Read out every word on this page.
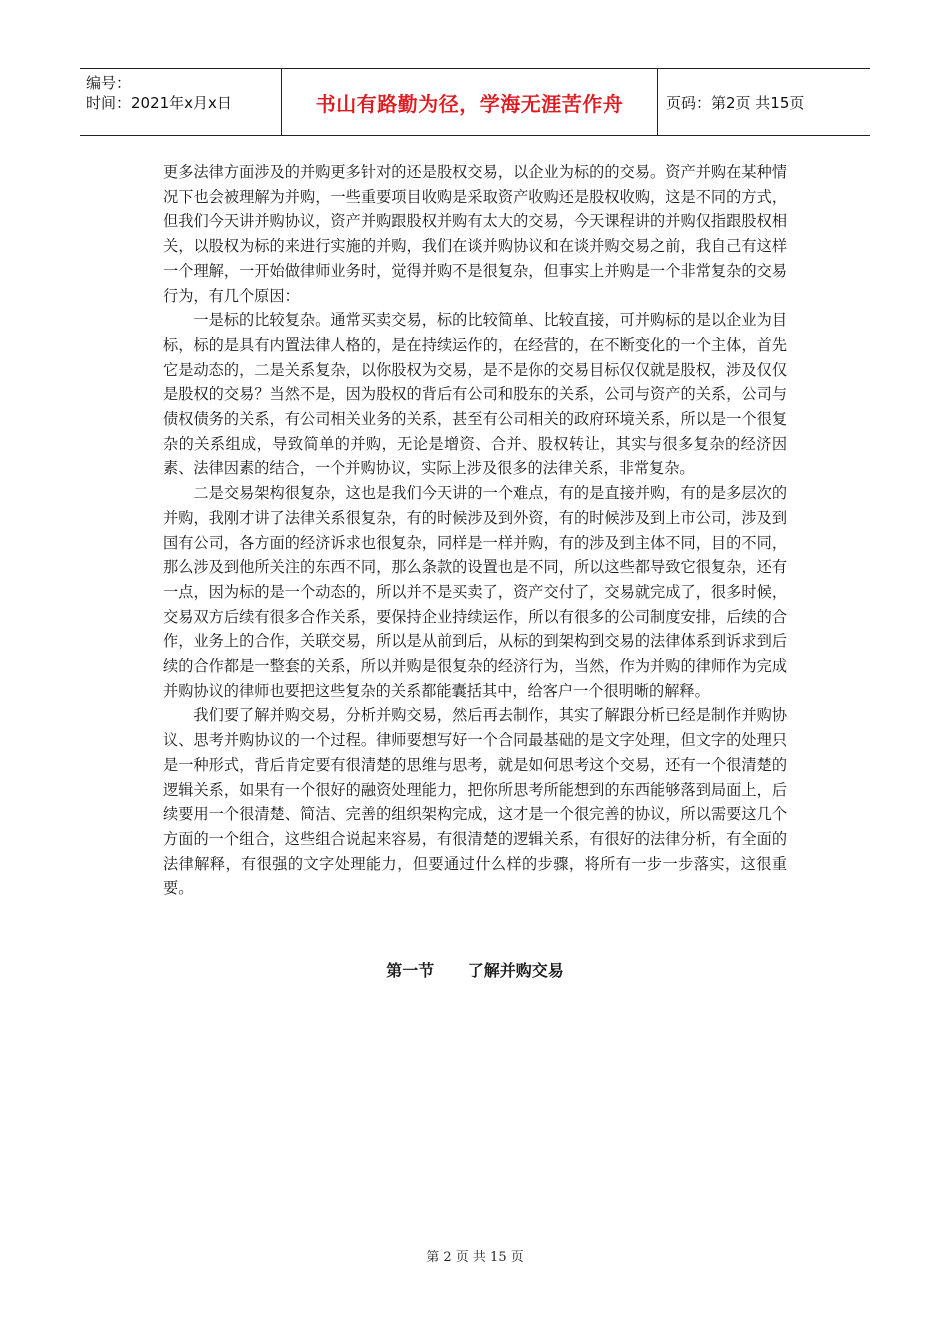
编号：
时间：2021年x月x日	书山有路勤为径，学海无涯苦作舟	页码：第2页 共15页

更多法律方面涉及的并购更多针对的还是股权交易，以企业为标的的交易。资产并购在某种情况下也会被理解为并购，一些重要项目收购是采取资产收购还是股权收购，这是不同的方式，但我们今天讲并购协议，资产并购跟股权并购有太大的交易，今天课程讲的并购仅指跟股权相关，以股权为标的来进行实施的并购，我们在谈并购协议和在谈并购交易之前，我自己有这样一个理解，一开始做律师业务时，觉得并购不是很复杂，但事实上并购是一个非常复杂的交易行为，有几个原因：

一是标的比较复杂。通常买卖交易，标的比较简单、比较直接，可并购标的是以企业为目标，标的是具有内置法律人格的，是在持续运作的，在经营的，在不断变化的一个主体，首先它是动态的，二是关系复杂，以你股权为交易，是不是你的交易目标仅仅就是股权，涉及仅仅是股权的交易？当然不是，因为股权的背后有公司和股东的关系，公司与资产的关系，公司与债权债务的关系，有公司相关业务的关系，甚至有公司相关的政府环境关系，所以是一个很复杂的关系组成，导致简单的并购，无论是增资、合并、股权转让，其实与很多复杂的经济因素、法律因素的结合，一个并购协议，实际上涉及很多的法律关系，非常复杂。

二是交易架构很复杂，这也是我们今天讲的一个难点，有的是直接并购，有的是多层次的并购，我刚才讲了法律关系很复杂，有的时候涉及到外资，有的时候涉及到上市公司，涉及到国有公司，各方面的经济诉求也很复杂，同样是一样并购，有的涉及到主体不同，目的不同，那么涉及到他所关注的东西不同，那么条款的设置也是不同，所以这些都导致它很复杂，还有一点，因为标的是一个动态的，所以并不是买卖了，资产交付了，交易就完成了，很多时候，交易双方后续有很多合作关系，要保持企业持续运作，所以有很多的公司制度安排，后续的合作，业务上的合作，关联交易，所以是从前到后，从标的到架构到交易的法律体系到诉求到后续的合作都是一整套的关系，所以并购是很复杂的经济行为，当然，作为并购的律师作为完成并购协议的律师也要把这些复杂的关系都能囊括其中，给客户一个很明晰的解释。

我们要了解并购交易，分析并购交易，然后再去制作，其实了解跟分析已经是制作并购协议、思考并购协议的一个过程。律师要想写好一个合同最基础的是文字处理，但文字的处理只是一种形式，背后肯定要有很清楚的思维与思考，就是如何思考这个交易，还有一个很清楚的逻辑关系，如果有一个很好的融资处理能力，把你所思考所能想到的东西能够落到局面上，后续要用一个很清楚、简洁、完善的组织架构完成，这才是一个很完善的协议，所以需要这几个方面的一个组合，这些组合说起来容易，有很清楚的逻辑关系，有很好的法律分析，有全面的法律解释，有很强的文字处理能力，但要通过什么样的步骤，将所有一步一步落实，这很重要。

第一节      了解并购交易
第 2 页 共 15 页
